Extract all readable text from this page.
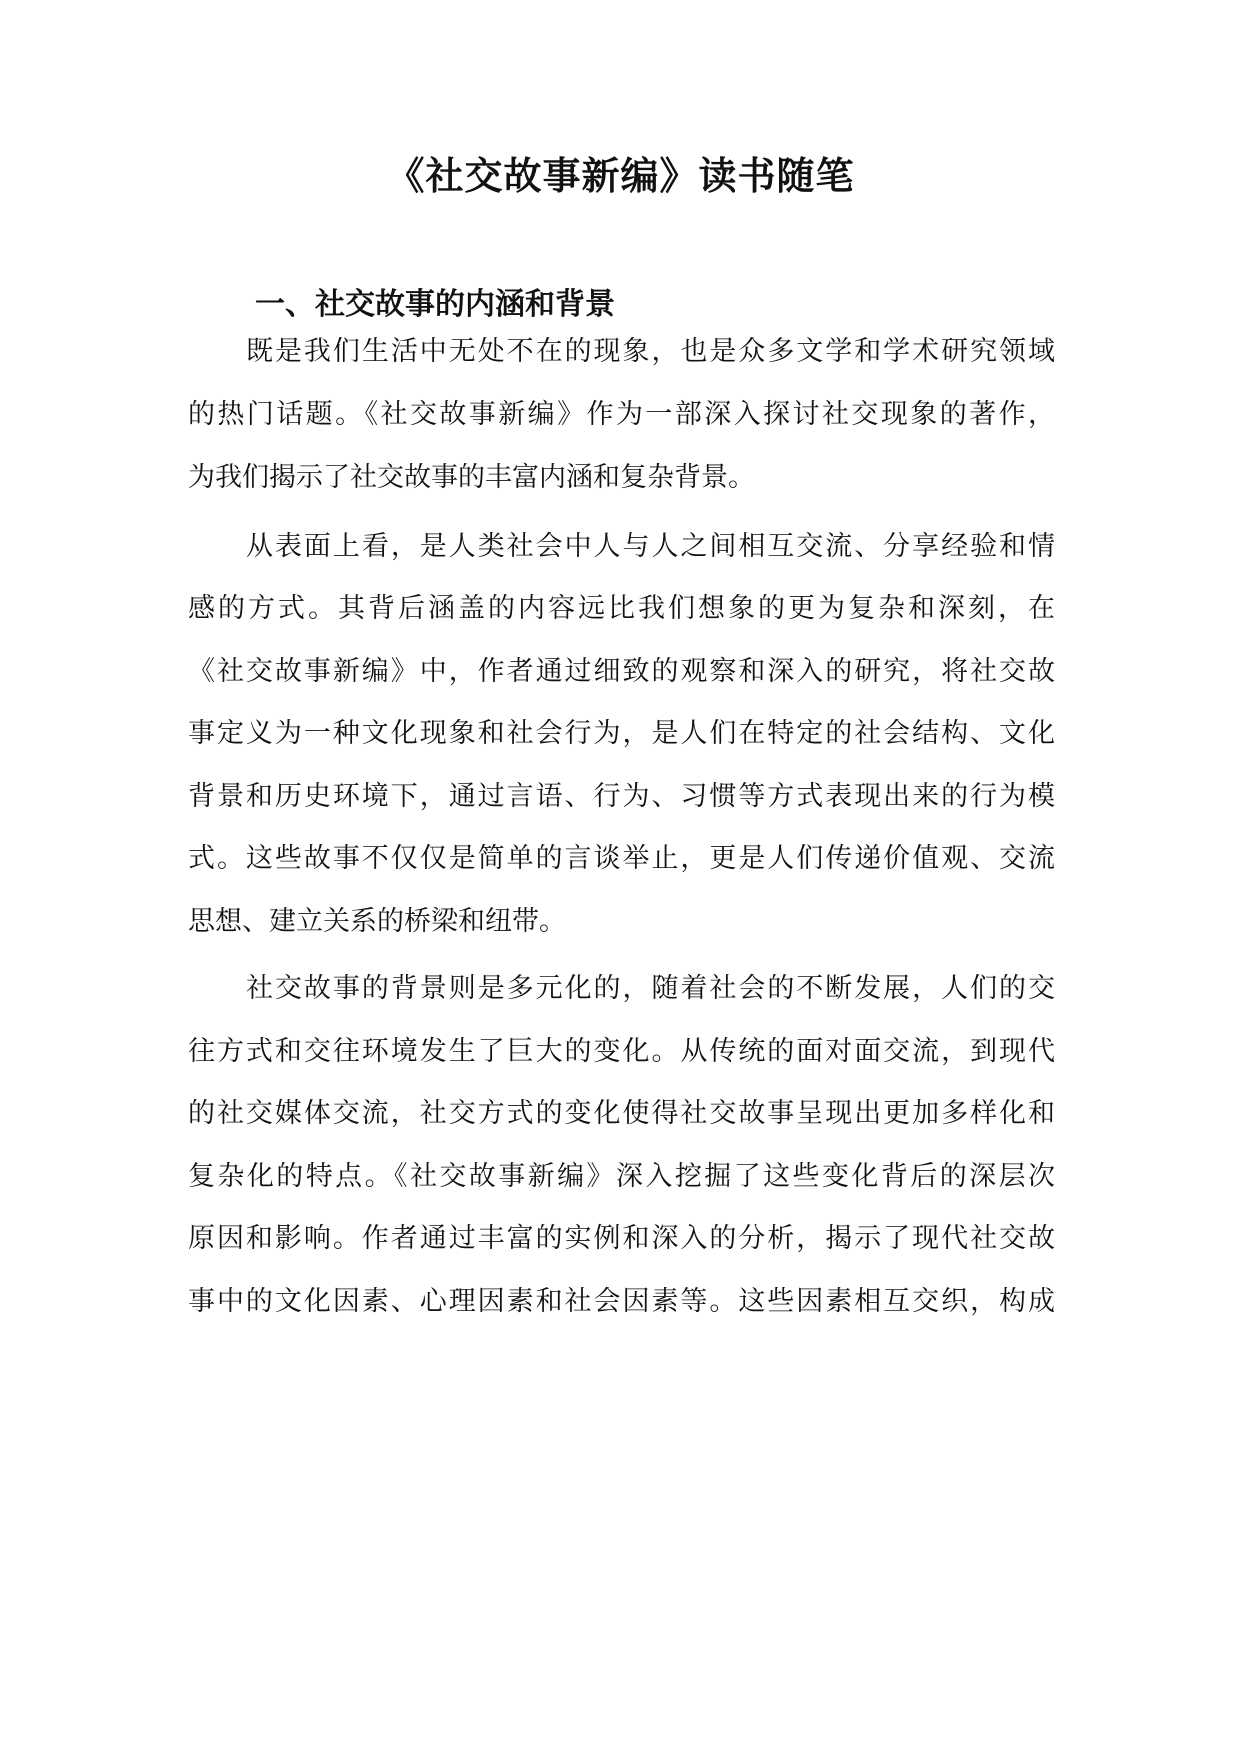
《社交故事新编》读书随笔
一、社交故事的内涵和背景

既是我们生活中无处不在的现象，也是众多文学和学术研究领域

的热门话题。《社交故事新编》作为一部深入探讨社交现象的著作，

为我们揭示了社交故事的丰富内涵和复杂背景。

从表面上看，是人类社会中人与人之间相互交流、分享经验和情

感的方式。其背后涵盖的内容远比我们想象的更为复杂和深刻，在

《社交故事新编》中，作者通过细致的观察和深入的研究，将社交故

事定义为一种文化现象和社会行为，是人们在特定的社会结构、文化

背景和历史环境下，通过言语、行为、习惯等方式表现出来的行为模

式。这些故事不仅仅是简单的言谈举止，更是人们传递价值观、交流

思想、建立关系的桥梁和纽带。

社交故事的背景则是多元化的，随着社会的不断发展，人们的交

往方式和交往环境发生了巨大的变化。从传统的面对面交流，到现代

的社交媒体交流，社交方式的变化使得社交故事呈现出更加多样化和

复杂化的特点。《社交故事新编》深入挖掘了这些变化背后的深层次

原因和影响。作者通过丰富的实例和深入的分析，揭示了现代社交故

事中的文化因素、心理因素和社会因素等。这些因素相互交织，构成
